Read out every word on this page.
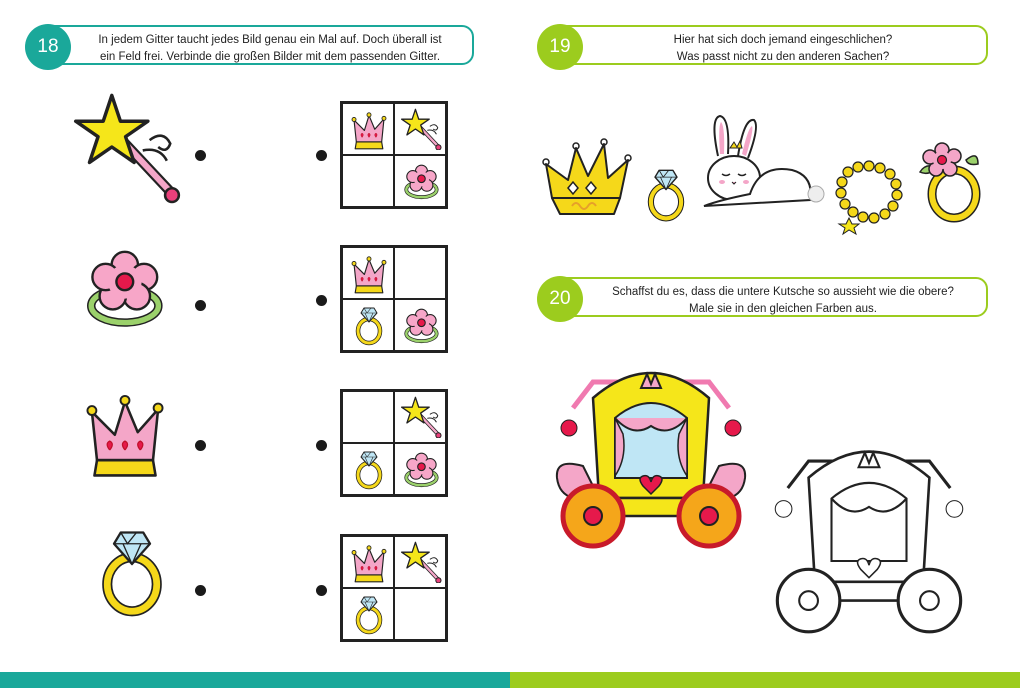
18	In jedem Gitter taucht jedes Bild genau ein Mal auf. Doch überall ist
ein Feld frei. Verbinde die großen Bilder mit dem passenden Gitter.	19	Hier hat sich doch jemand eingeschlichen?
Was passt nicht zu den anderen Sachen?
20	Schaffst du es, dass die untere Kutsche so aussieht wie die obere?
Male sie in den gleichen Farben aus.
